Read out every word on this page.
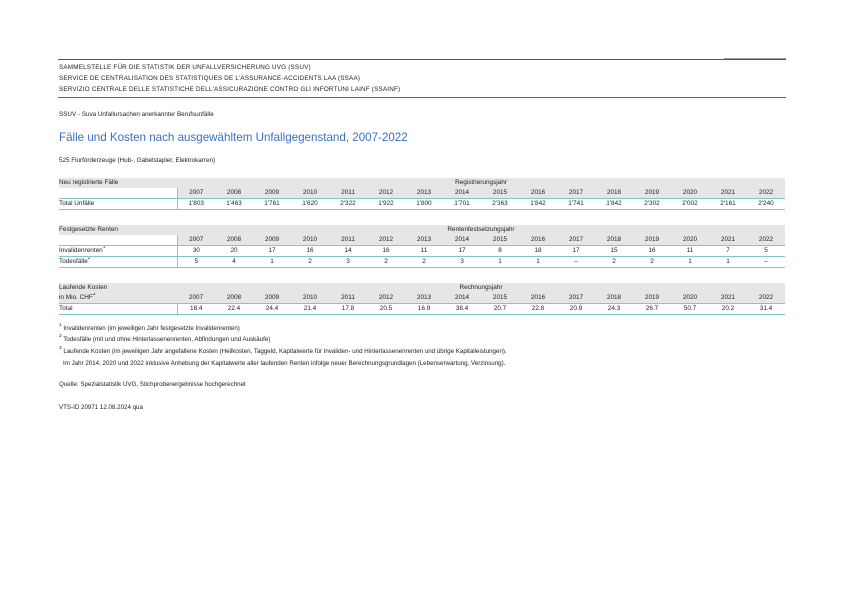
SAMMELSTELLE FÜR DIE STATISTIK DER UNFALLVERSICHERUNG UVG (SSUV)
SERVICE DE CENTRALISATION DES STATISTIQUES DE L'ASSURANCE-ACCIDENTS LAA (SSAA)
SERVIZIO CENTRALE DELLE STATISTICHE DELL'ASSICURAZIONE CONTRO GLI INFORTUNI LAINF (SSAINF)
SSUV - Suva Unfallursachen anerkannter Berufsunfälle
Fälle und Kosten nach ausgewähltem Unfallgegenstand, 2007-2022
525 Flurförderzeuge (Hub-, Gabelstapler, Elektrokarren)
Neu registrierte Fälle	Registrierungsjahr															
	2007	2008	2009	2010	2011	2012	2013	2014	2015	2016	2017	2018	2019	2020	2021	2022
Total Unfälle	1'803	1'463	1'761	1'620	2'322	1'922	1'800	1'701	2'363	1'842	1'741	1'842	2'302	2'002	2'161	2'240
Festgesetzte Renten	Rentenfestsetzungsjahr															
	2007	2008	2009	2010	2011	2012	2013	2014	2015	2016	2017	2018	2019	2020	2021	2022
Invalidenrenten$^1$	30	20	17	16	14	16	11	17	8	18	17	15	16	11	7	5
Todesfälle$^2$	5	4	1	2	3	2	2	3	1	1	–	2	2	1	1	–
Laufende Kosten	Rechnungsjahr															
in Mio. CHF$^3$	2007	2008	2009	2010	2011	2012	2013	2014	2015	2016	2017	2018	2019	2020	2021	2022
Total	18.4	22.4	24.4	21.4	17.8	20.5	16.9	38.4	20.7	22.8	20.9	24.3	26.7	50.7	20.2	31.4
$^1$ Invalidenrenten (im jeweiligen Jahr festgesetzte Invalidenrenten)
$^2$ Todesfälle (mit und ohne Hinterlassenenrenten, Abfindungen und Auskäufe)
$^3$ Laufende Kosten (im jeweiligen Jahr angefallene Kosten (Heilkosten, Taggeld, Kapitalwerte für Invaliden- und Hinterlassenenrenten und übrige Kapitalleistungen).
Im Jahr 2014, 2020 und 2022 inklusive Anhebung der Kapitalwerte aller laufenden Renten infolge neuer Berechnungsgrundlagen (Lebenserwartung, Verzinsung).
Quelle: Spezialstatistik UVG, Stichprobenergebnisse hochgerechnet
VTS-ID 20971 12.08.2024 qua
